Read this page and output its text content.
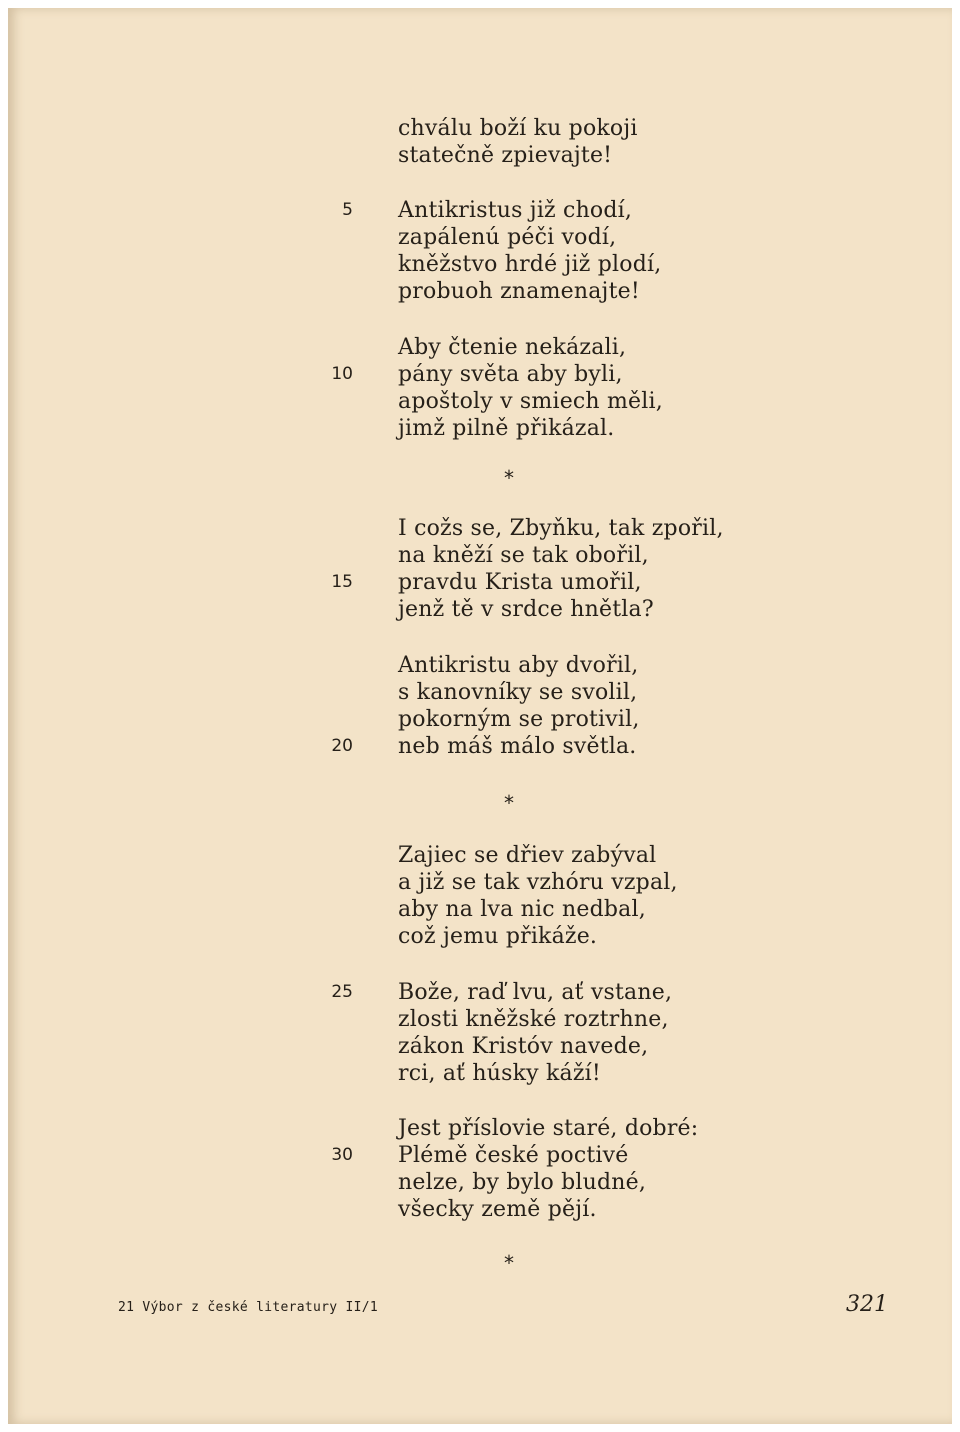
chválu boží ku pokoji
statečně zpievajte!
Antikristus již chodí,
zapálenú péči vodí,
kněžstvo hrdé již plodí,
probuoh znamenajte!
Aby čtenie nekázali,
pány světa aby byli,
apoštoly v smiech měli,
jimž pilně přikázal.
*
I cožs se, Zbyňku, tak zpořil,
na kněží se tak obořil,
pravdu Krista umořil,
jenž tě v srdce hnětla?
Antikristu aby dvořil,
s kanovníky se svolil,
pokorným se protivil,
neb máš málo světla.
*
Zajiec se dřiev zabýval
a již se tak vzhóru vzpal,
aby na lva nic nedbal,
což jemu přikáže.
Bože, raď lvu, ať vstane,
zlosti kněžské roztrhne,
zákon Kristóv navede,
rci, ať húsky káží!
Jest příslovie staré, dobré:
Plémě české poctivé
nelze, by bylo bludné,
všecky země pějí.
*
5
10
15
20
25
30
21 Výbor z české literatury II/1	321
